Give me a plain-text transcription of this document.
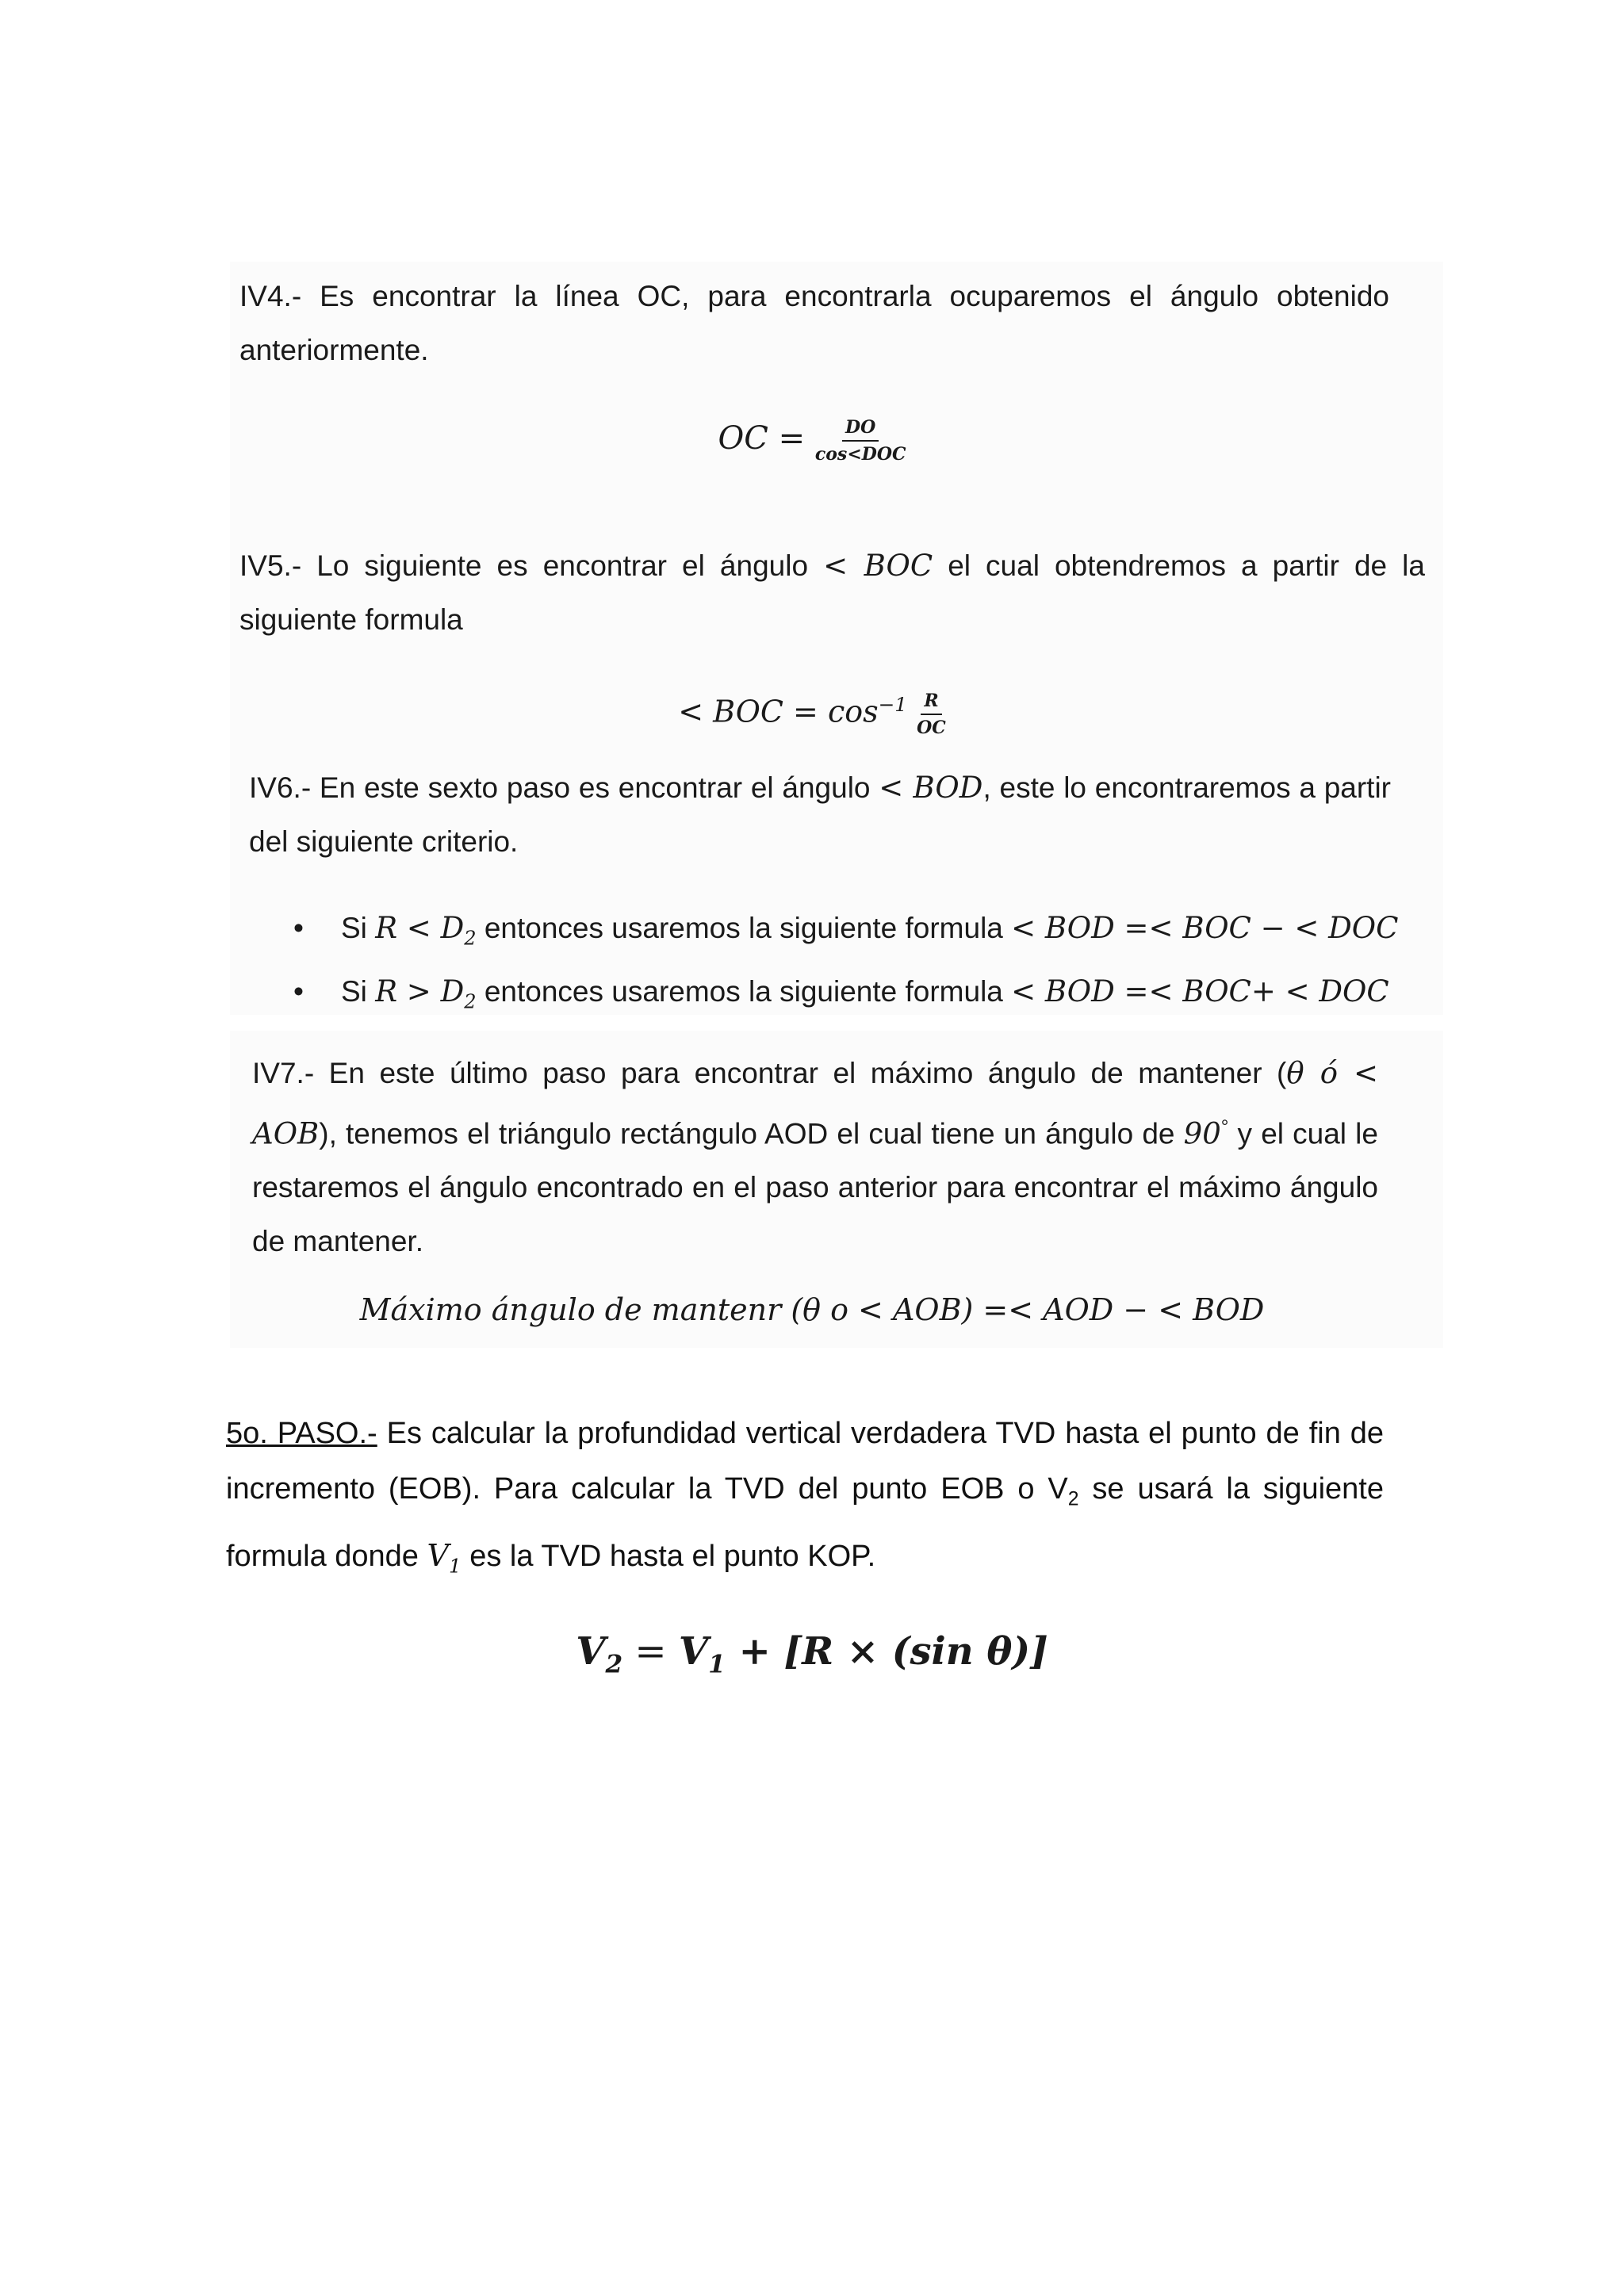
IV4.- Es encontrar la línea OC, para encontrarla ocuparemos el ángulo obtenido anteriormente.

OC = $\frac{DO}{\text{cos<DOC}}$

IV5.- Lo siguiente es encontrar el ángulo < BOC el cual obtendremos a partir de la siguiente formula

< BOC = $\cos^{-1} \frac{R}{OC}$

IV6.- En este sexto paso es encontrar el ángulo < BOD, este lo encontraremos a partir del siguiente criterio.

• Si $R < D_2$ entonces usaremos la siguiente formula < BOD =< BOC − < DOC
• Si $R > D_2$ entonces usaremos la siguiente formula < BOD =< BOC+ < DOC

IV7.- En este último paso para encontrar el máximo ángulo de mantener (θ ó < AOB), tenemos el triángulo rectángulo AOD el cual tiene un ángulo de 90° y el cual le restaremos el ángulo encontrado en el paso anterior para encontrar el máximo ángulo de mantener.

Máximo ángulo de mantenr (θ o < AOB) =< AOD − < BOD

5o. PASO.- Es calcular la profundidad vertical verdadera TVD hasta el punto de fin de incremento (EOB). Para calcular la TVD del punto EOB o $V_2$ se usará la siguiente formula donde $V_1$ es la TVD hasta el punto KOP.

$V_2 = V_1 + [R \times (\sin$ θ)]
